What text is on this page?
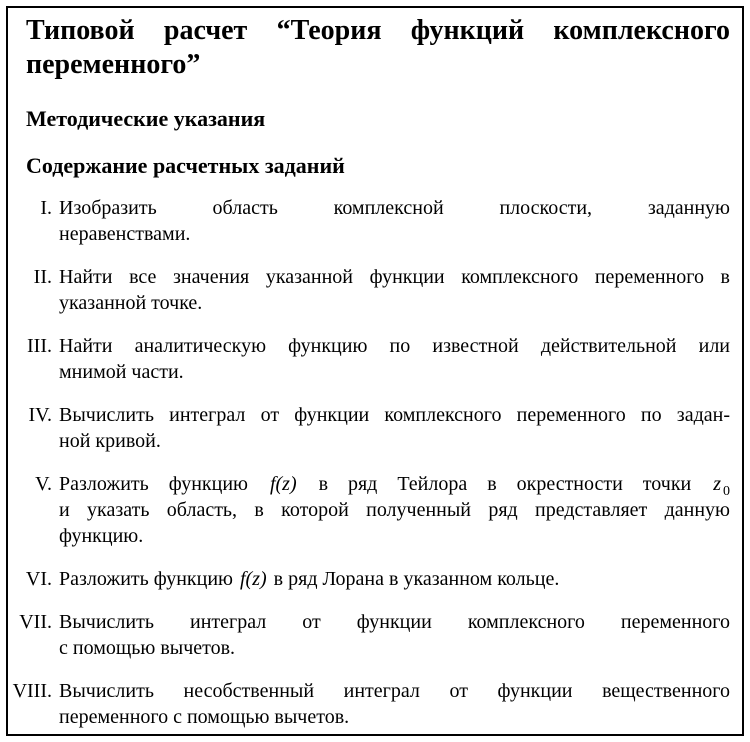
Типовой расчет “Теория функций комплексного
переменного”
Методические указания
Содержание расчетных заданий
I. Изобразить область комплексной плоскости, заданную
неравенствами.
II. Найти все значения указанной функции комплексного переменного в
указанной точке.
III. Найти аналитическую функцию по известной действительной или
мнимой части.
IV. Вычислить интеграл от функции комплексного переменного по задан-
ной кривой.
V. Разложить функцию f(z) в ряд Тейлора в окрестности точки z $_0$
и указать область, в которой полученный ряд представляет данную
функцию.
VI. Разложить функцию f(z) в ряд Лорана в указанном кольце.
VII. Вычислить интеграл от функции комплексного переменного
с помощью вычетов.
VIII. Вычислить несобственный интеграл от функции вещественного
переменного с помощью вычетов.
